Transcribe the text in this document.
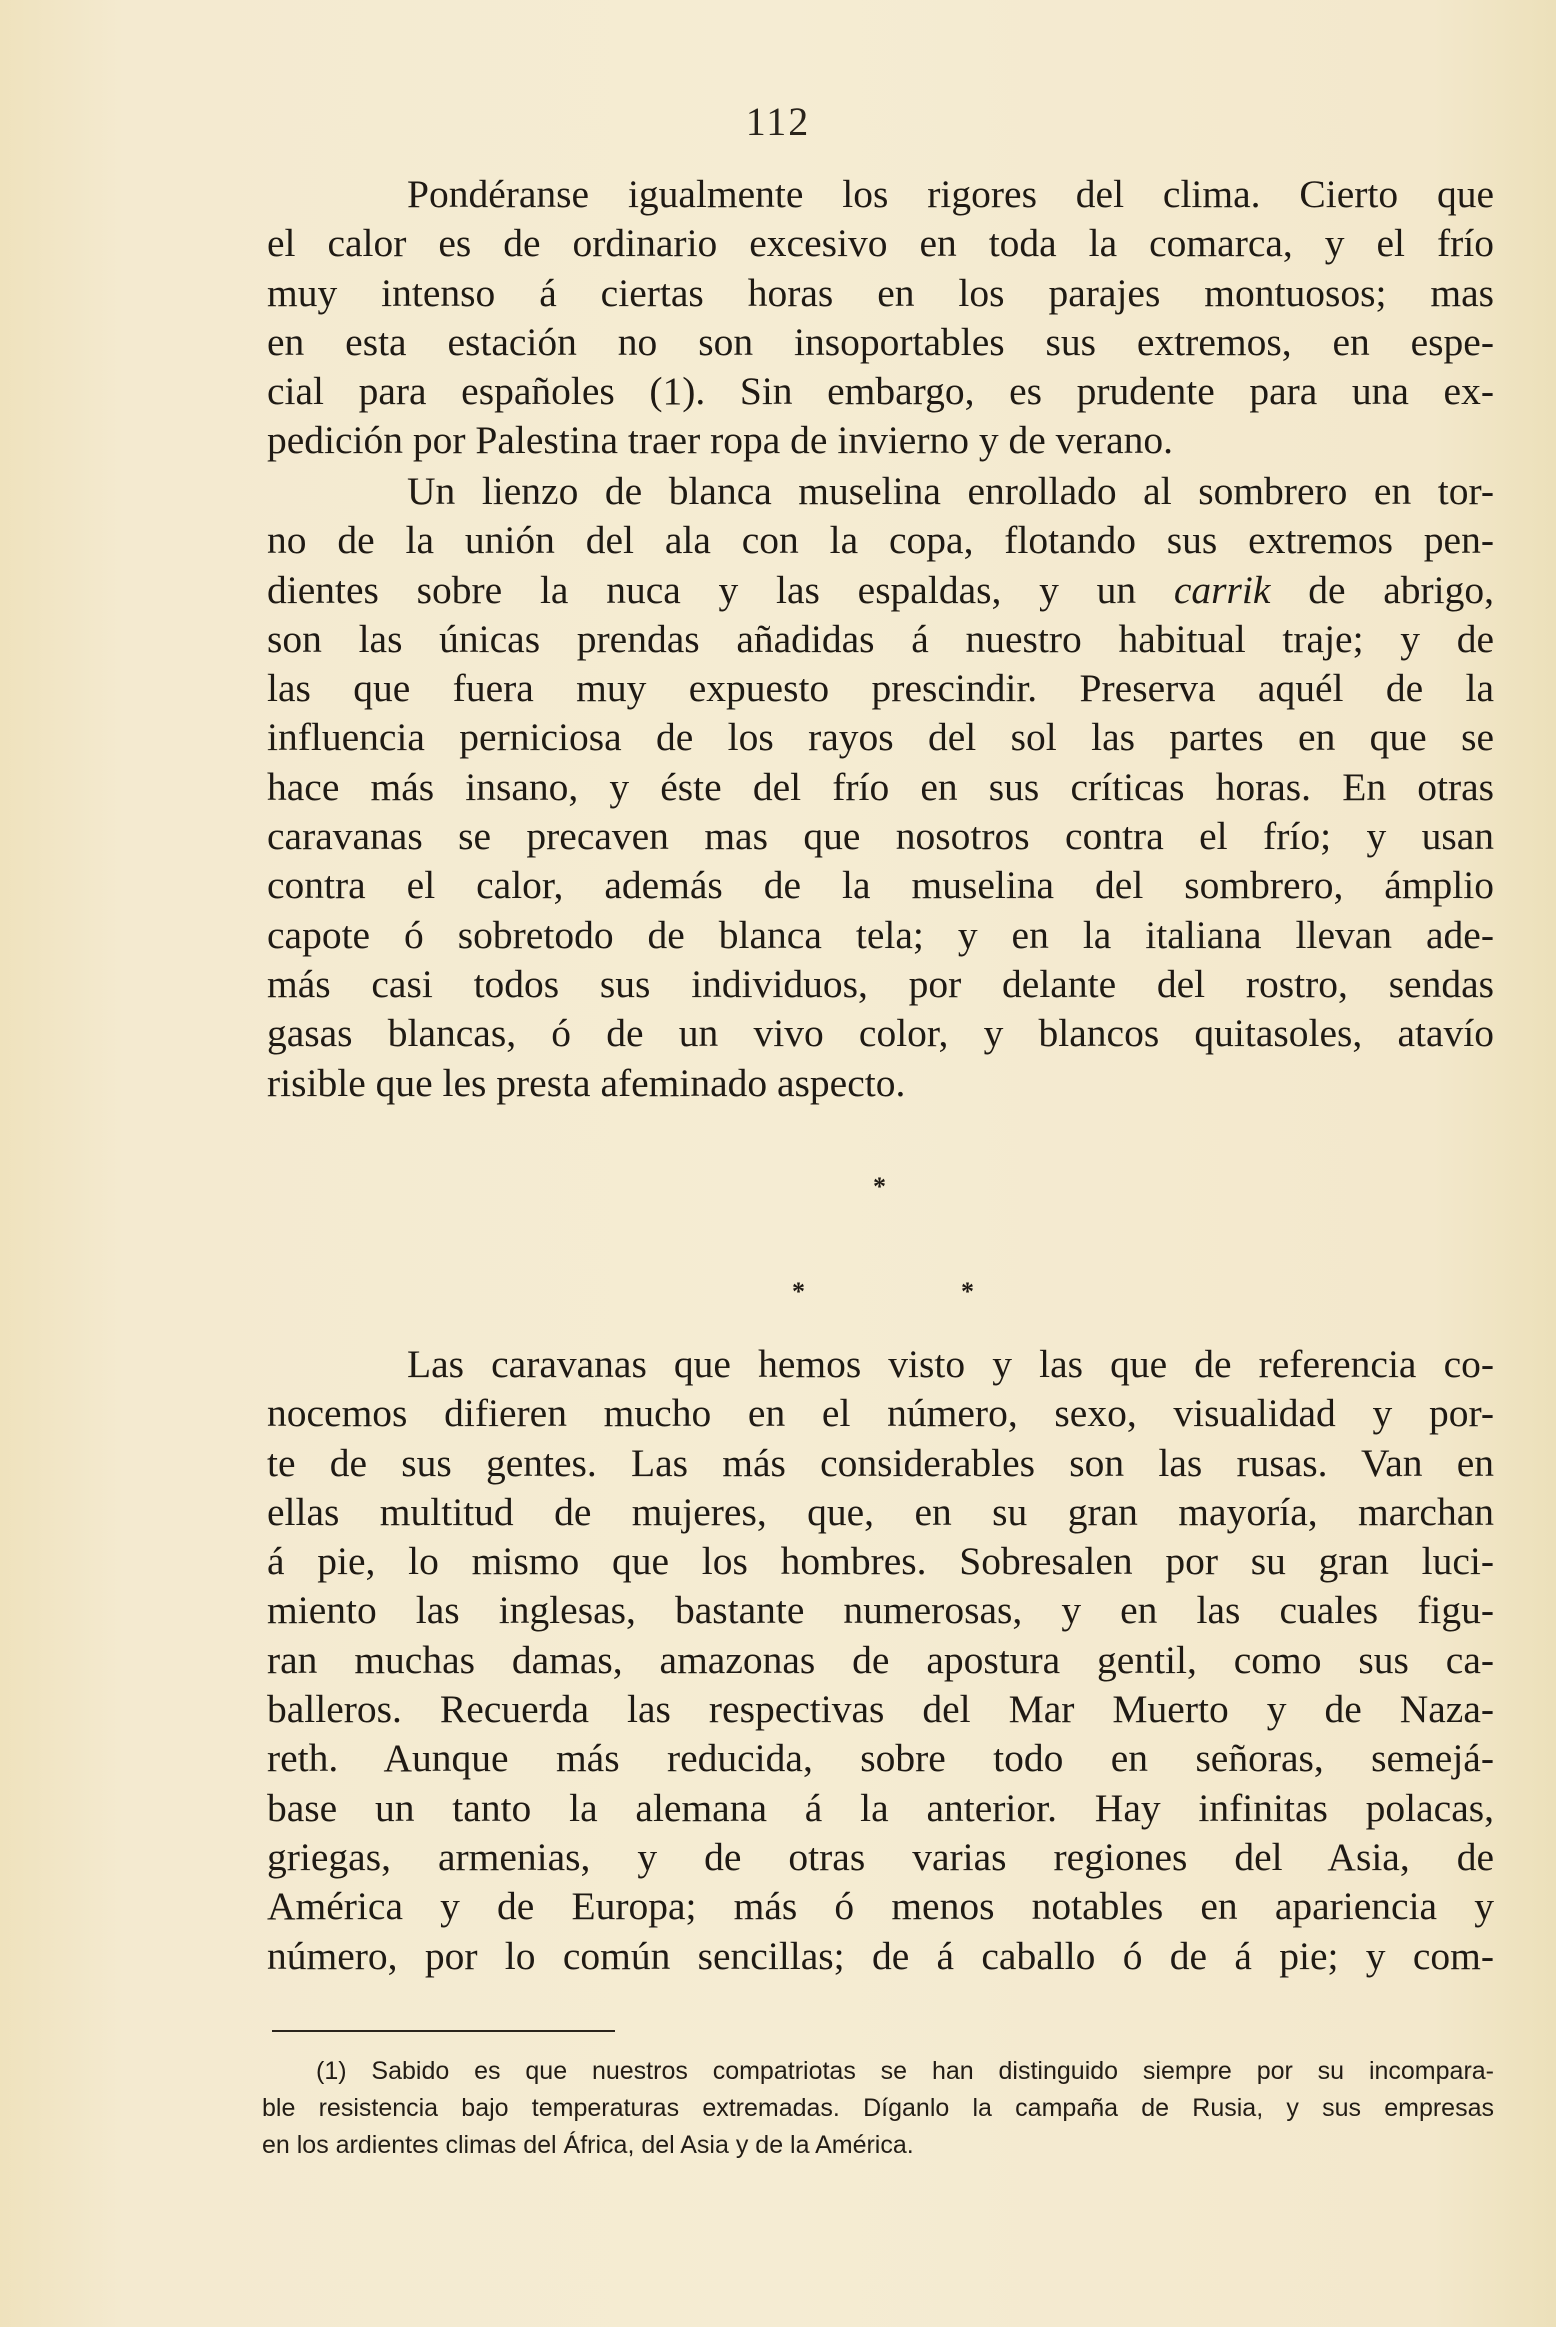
112

Pondéranse igualmente los rigores del clima. Cierto que
el calor es de ordinario excesivo en toda la comarca, y el frío
muy intenso á ciertas horas en los parajes montuosos; mas
en esta estación no son insoportables sus extremos, en espe-
cial para españoles (1). Sin embargo, es prudente para una ex-
pedición por Palestina traer ropa de invierno y de verano.

Un lienzo de blanca muselina enrollado al sombrero en tor-
no de la unión del ala con la copa, flotando sus extremos pen-
dientes sobre la nuca y las espaldas, y un carrik de abrigo,
son las únicas prendas añadidas á nuestro habitual traje; y de
las que fuera muy expuesto prescindir. Preserva aquél de la
influencia perniciosa de los rayos del sol las partes en que se
hace más insano, y éste del frío en sus críticas horas. En otras
caravanas se precaven mas que nosotros contra el frío; y usan
contra el calor, además de la muselina del sombrero, ámplio
capote ó sobretodo de blanca tela; y en la italiana llevan ade-
más casi todos sus individuos, por delante del rostro, sendas
gasas blancas, ó de un vivo color, y blancos quitasoles, atavío
risible que les presta afeminado aspecto.

*
*	*

Las caravanas que hemos visto y las que de referencia co-
nocemos difieren mucho en el número, sexo, visualidad y por-
te de sus gentes. Las más considerables son las rusas. Van en
ellas multitud de mujeres, que, en su gran mayoría, marchan
á pie, lo mismo que los hombres. Sobresalen por su gran luci-
miento las inglesas, bastante numerosas, y en las cuales figu-
ran muchas damas, amazonas de apostura gentil, como sus ca-
balleros. Recuerda las respectivas del Mar Muerto y de Naza-
reth. Aunque más reducida, sobre todo en señoras, semejá-
base un tanto la alemana á la anterior. Hay infinitas polacas,
griegas, armenias, y de otras varias regiones del Asia, de
América y de Europa; más ó menos notables en apariencia y
número, por lo común sencillas; de á caballo ó de á pie; y com-

(1) Sabido es que nuestros compatriotas se han distinguido siempre por su incompara-
ble resistencia bajo temperaturas extremadas. Díganlo la campaña de Rusia, y sus empresas
en los ardientes climas del África, del Asia y de la América.
